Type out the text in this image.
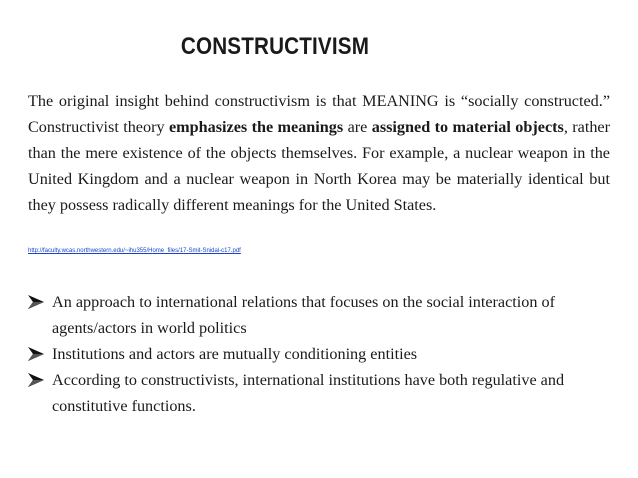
CONSTRUCTIVISM
The original insight behind constructivism is that MEANING is “socially constructed.” Constructivist theory emphasizes the meanings are assigned to material objects, rather than the mere existence of the objects themselves. For example, a nuclear weapon in the United Kingdom and a nuclear weapon in North Korea may be materially identical but they possess radically different meanings for the United States.
http://faculty.wcas.northwestern.edu/~ihu355/Home_files/17-Smit-Snidal-c17.pdf
An approach to international relations that focuses on the social interaction of agents/actors in world politics
Institutions and actors are mutually conditioning entities
According to constructivists, international institutions have both regulative and constitutive functions.
